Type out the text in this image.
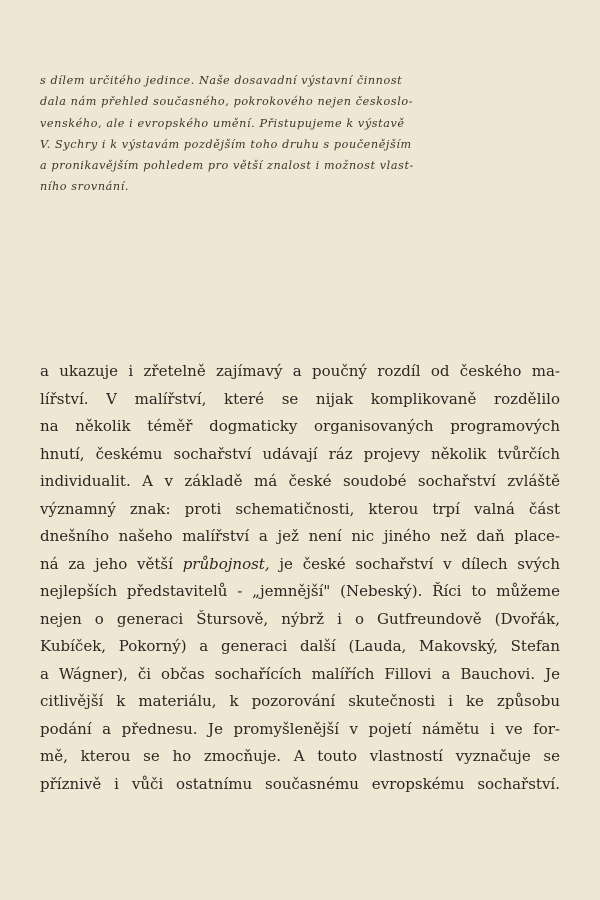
s dílem určitého jedince. Naše dosavadní výstavní činnost
dala nám přehled současného, pokrokového nejen českoslo-
venského, ale i evropského umění. Přistupujeme k výstavě
V. Sychry i k výstavám pozdějším toho druhu s poučenějším
a pronikavějším pohledem pro větší znalost i možnost vlast-
ního srovnání.
a ukazuje i zřetelně zajímavý a poučný rozdíl od českého ma-
lířství. V malířství, které se nijak komplikovaně rozdělilo
na několik téměř dogmaticky organisovaných programových
hnutí, českému sochařství udávají ráz projevy několik tvůrčích
individualit. A v základě má české soudobé sochařství zvláště
významný znak: proti schematičnosti, kterou trpí valná část
dnešního našeho malířství a jež není nic jiného než daň place-
ná za jeho větší průbojnost, je české sochařství v dílech svých
nejlepších představitelů - „jemnější" (Nebeský). Říci to můžeme
nejen o generaci Štursově, nýbrž i o Gutfreundově (Dvořák,
Kubíček, Pokorný) a generaci další (Lauda, Makovský, Stefan
a Wágner), či občas sochařících malířích Fillovi a Bauchovi. Je
citlivější k materiálu, k pozorování skutečnosti i ke způsobu
podání a přednesu. Je promyšlenější v pojetí námětu i ve for-
mě, kterou se ho zmocňuje. A touto vlastností vyznačuje se
příznivě i vůči ostatnímu současnému evropskému sochařství.
